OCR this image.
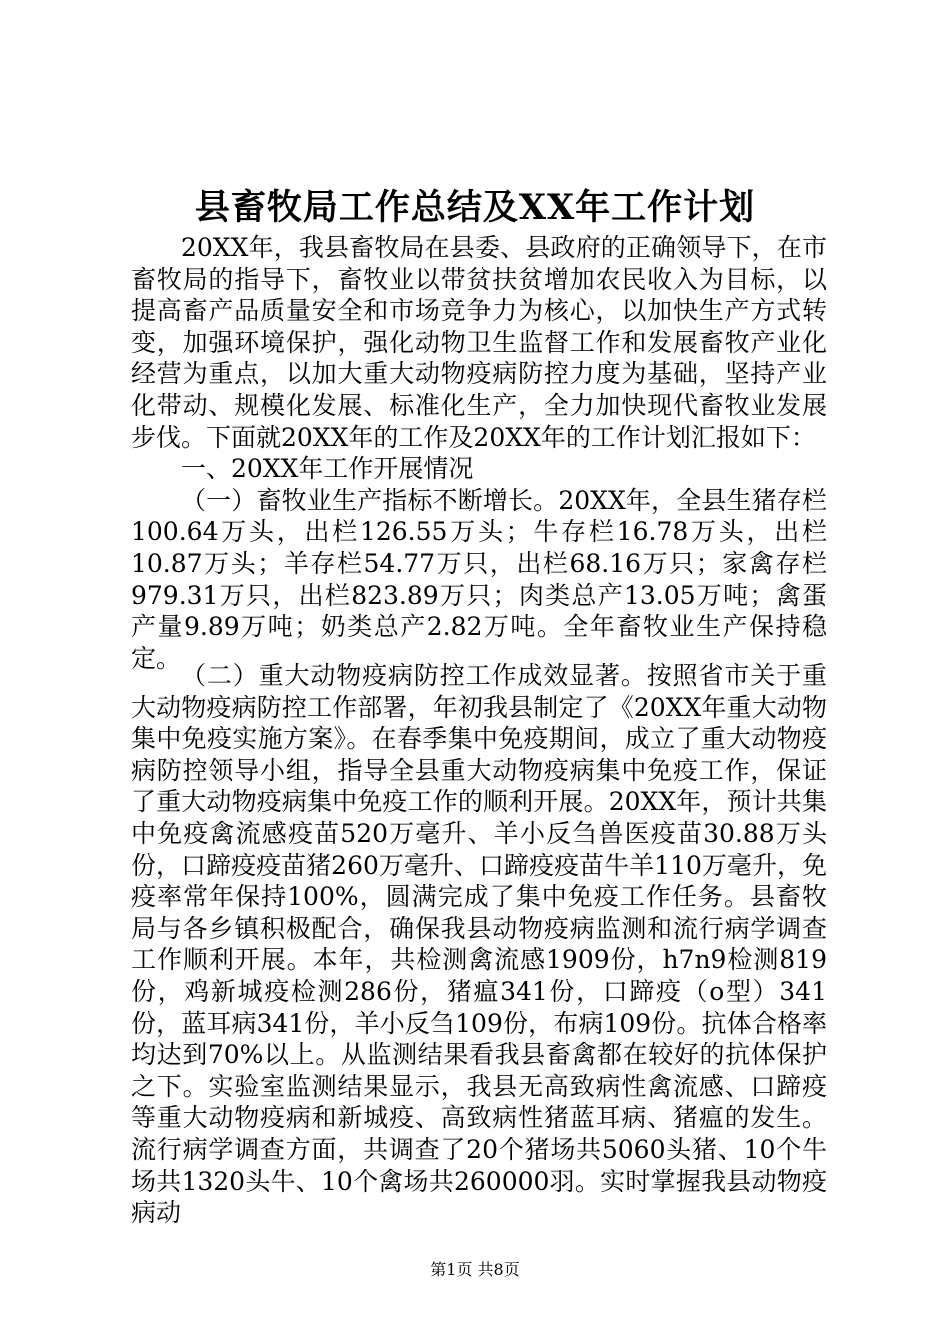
县畜牧局工作总结及XX年工作计划

20XX年，我县畜牧局在县委、县政府的正确领导下，在市畜牧局的指导下，畜牧业以带贫扶贫增加农民收入为目标，以提高畜产品质量安全和市场竞争力为核心，以加快生产方式转变，加强环境保护，强化动物卫生监督工作和发展畜牧产业化经营为重点，以加大重大动物疫病防控力度为基础，坚持产业化带动、规模化发展、标准化生产，全力加快现代畜牧业发展步伐。下面就20XX年的工作及20XX年的工作计划汇报如下：

一、20XX年工作开展情况

（一）畜牧业生产指标不断增长。20XX年，全县生猪存栏100.64万头，出栏126.55万头；牛存栏16.78万头，出栏10.87万头；羊存栏54.77万只，出栏68.16万只；家禽存栏979.31万只，出栏823.89万只；肉类总产13.05万吨；禽蛋产量9.89万吨；奶类总产2.82万吨。全年畜牧业生产保持稳定。

（二）重大动物疫病防控工作成效显著。按照省市关于重大动物疫病防控工作部署，年初我县制定了《20XX年重大动物集中免疫实施方案》。在春季集中免疫期间，成立了重大动物疫病防控领导小组，指导全县重大动物疫病集中免疫工作，保证了重大动物疫病集中免疫工作的顺利开展。20XX年，预计共集中免疫禽流感疫苗520万毫升、羊小反刍兽医疫苗30.88万头份，口蹄疫疫苗猪260万毫升、口蹄疫疫苗牛羊110万毫升，免疫率常年保持100%，圆满完成了集中免疫工作任务。县畜牧局与各乡镇积极配合，确保我县动物疫病监测和流行病学调查工作顺利开展。本年，共检测禽流感1909份，h7n9检测819份，鸡新城疫检测286份，猪瘟341份，口蹄疫（o型）341份，蓝耳病341份，羊小反刍109份，布病109份。抗体合格率均达到70%以上。从监测结果看我县畜禽都在较好的抗体保护之下。实验室监测结果显示，我县无高致病性禽流感、口蹄疫等重大动物疫病和新城疫、高致病性猪蓝耳病、猪瘟的发生。流行病学调查方面，共调查了20个猪场共5060头猪、10个牛场共1320头牛、10个禽场共260000羽。实时掌握我县动物疫病动

第1页 共8页
